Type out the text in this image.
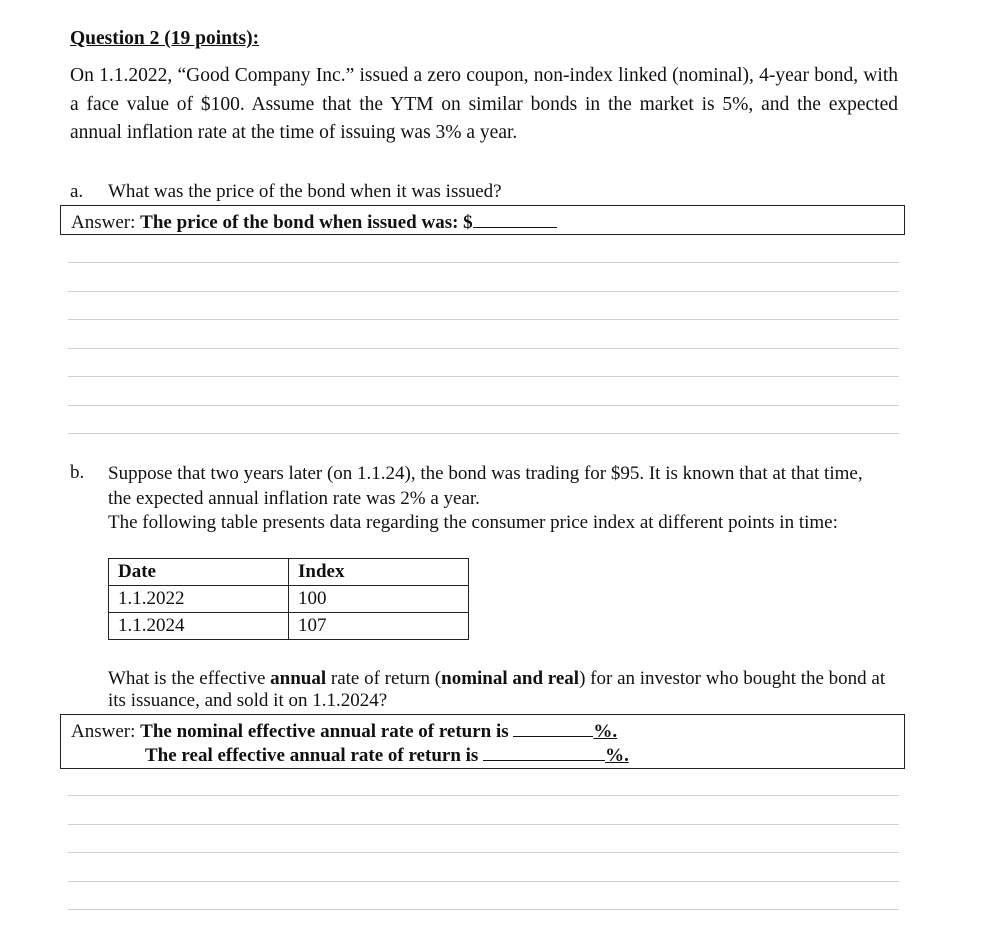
Question 2 (19 points):
On 1.1.2022, “Good Company Inc.” issued a zero coupon, non-index linked (nominal), 4-year bond, with a face value of $100. Assume that the YTM on similar bonds in the market is 5%, and the expected annual inflation rate at the time of issuing was 3% a year.
a. What was the price of the bond when it was issued?
Answer: The price of the bond when issued was: $
b. Suppose that two years later (on 1.1.24), the bond was trading for $95. It is known that at that time, the expected annual inflation rate was 2% a year.
The following table presents data regarding the consumer price index at different points in time:
Date	Index
1.1.2022	100
1.1.2024	107
What is the effective annual rate of return (nominal and real) for an investor who bought the bond at its issuance, and sold it on 1.1.2024?
Answer: The nominal effective annual rate of return is	%.
The real effective annual rate of return is	%.
